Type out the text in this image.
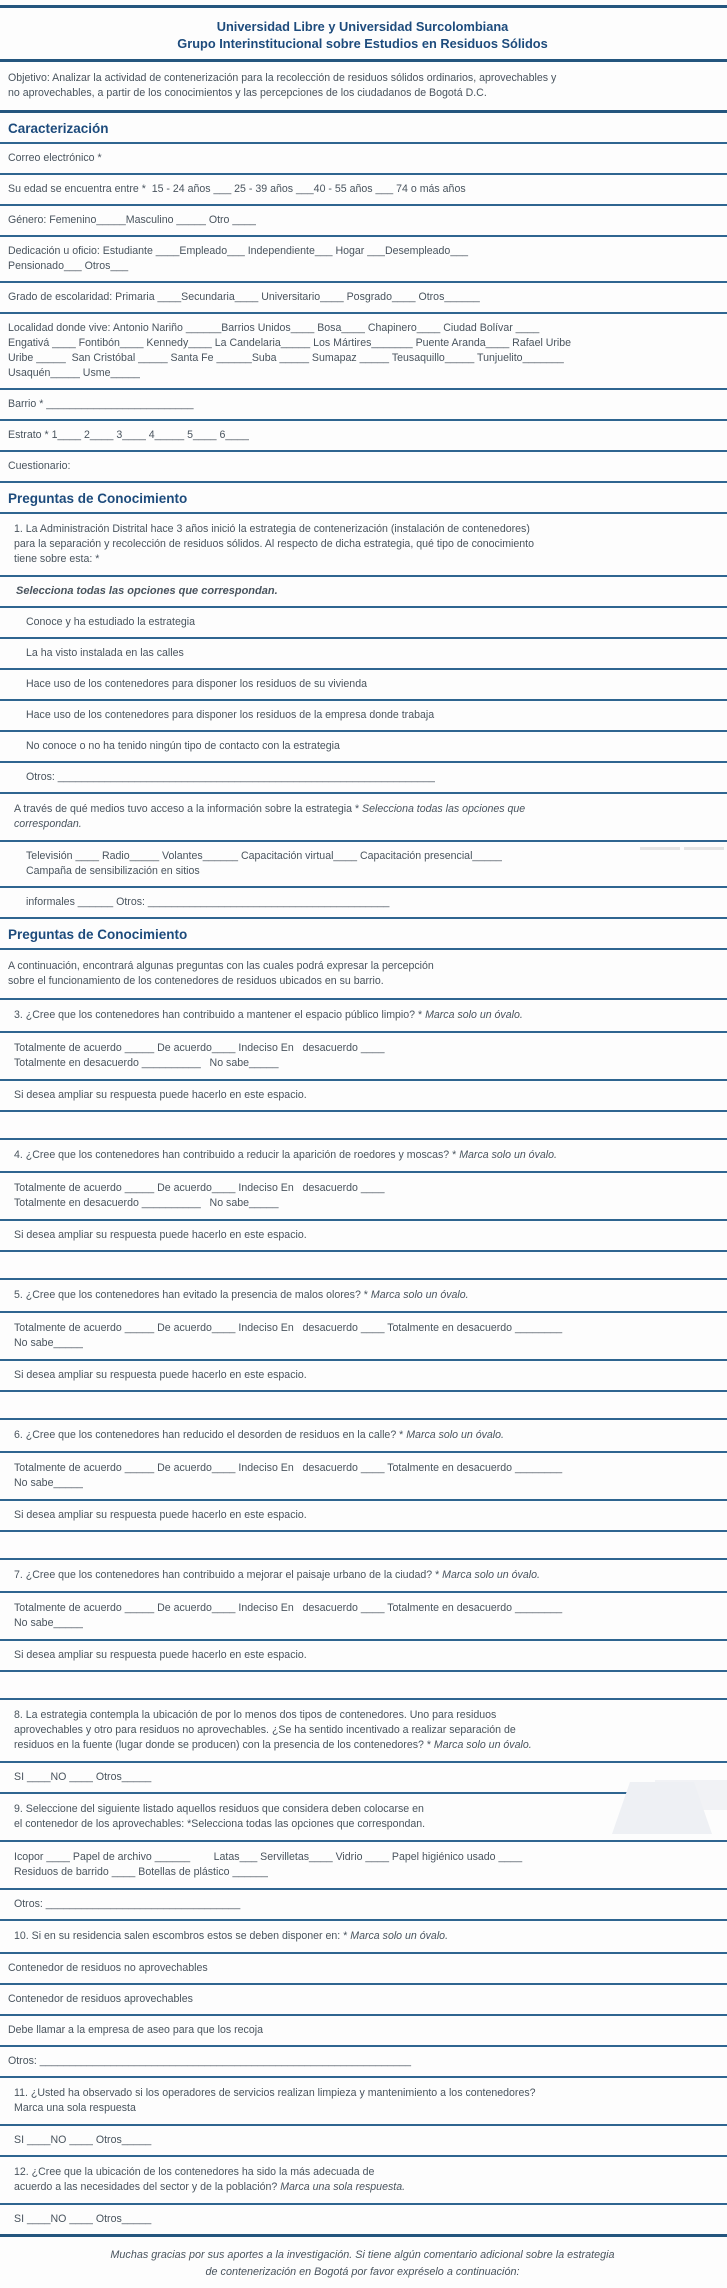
Universidad Libre y Universidad Surcolombiana
Grupo Interinstitucional sobre Estudios en Residuos Sólidos
Objetivo: Analizar la actividad de contenerización para la recolección de residuos sólidos ordinarios, aprovechables y
no aprovechables, a partir de los conocimientos y las percepciones de los ciudadanos de Bogotá D.C.
Caracterización
Correo electrónico *
Su edad se encuentra entre *  15 - 24 años ___ 25 - 39 años ___40 - 55 años ___ 74 o más años
Género: Femenino_____Masculino _____ Otro ____
Dedicación u oficio: Estudiante ____Empleado___ Independiente___ Hogar ___Desempleado___
Pensionado___ Otros___
Grado de escolaridad: Primaria ____Secundaria____ Universitario____ Posgrado____ Otros______
Localidad donde vive: Antonio Nariño ______Barrios Unidos____ Bosa____ Chapinero____ Ciudad Bolívar ____
Engativá ____ Fontibón____ Kennedy____ La Candelaria_____ Los Mártires_______ Puente Aranda____ Rafael Uribe
Uribe _____  San Cristóbal _____ Santa Fe ______Suba _____ Sumapaz _____ Teusaquillo_____ Tunjuelito_______
Usaquén_____ Usme_____
Barrio * _________________________
Estrato * 1____ 2____ 3____ 4_____ 5____ 6____
Cuestionario:
Preguntas de Conocimiento
1. La Administración Distrital hace 3 años inició la estrategia de contenerización (instalación de contenedores)
para la separación y recolección de residuos sólidos. Al respecto de dicha estrategia, qué tipo de conocimiento
tiene sobre esta: *
Selecciona todas las opciones que correspondan.
Conoce y ha estudiado la estrategia
La ha visto instalada en las calles
Hace uso de los contenedores para disponer los residuos de su vivienda
Hace uso de los contenedores para disponer los residuos de la empresa donde trabaja
No conoce o no ha tenido ningún tipo de contacto con la estrategia
Otros: ________________________________________________________________
A través de qué medios tuvo acceso a la información sobre la estrategia * Selecciona todas las opciones que
correspondan.
Televisión ____ Radio_____ Volantes______ Capacitación virtual____ Capacitación presencial_____
Campaña de sensibilización en sitios
informales ______ Otros: _________________________________________
Preguntas de Conocimiento
A continuación, encontrará algunas preguntas con las cuales podrá expresar la percepción
sobre el funcionamiento de los contenedores de residuos ubicados en su barrio.
3. ¿Cree que los contenedores han contribuido a mantener el espacio público limpio? * Marca solo un óvalo.
Totalmente de acuerdo _____ De acuerdo____ Indeciso En   desacuerdo ____
Totalmente en desacuerdo __________   No sabe_____
Si desea ampliar su respuesta puede hacerlo en este espacio.
4. ¿Cree que los contenedores han contribuido a reducir la aparición de roedores y moscas? * Marca solo un óvalo.
Totalmente de acuerdo _____ De acuerdo____ Indeciso En   desacuerdo ____
Totalmente en desacuerdo __________   No sabe_____
Si desea ampliar su respuesta puede hacerlo en este espacio.
5. ¿Cree que los contenedores han evitado la presencia de malos olores? * Marca solo un óvalo.
Totalmente de acuerdo _____ De acuerdo____ Indeciso En   desacuerdo ____ Totalmente en desacuerdo ________
No sabe_____
Si desea ampliar su respuesta puede hacerlo en este espacio.
6. ¿Cree que los contenedores han reducido el desorden de residuos en la calle? * Marca solo un óvalo.
Totalmente de acuerdo _____ De acuerdo____ Indeciso En   desacuerdo ____ Totalmente en desacuerdo ________
No sabe_____
Si desea ampliar su respuesta puede hacerlo en este espacio.
7. ¿Cree que los contenedores han contribuido a mejorar el paisaje urbano de la ciudad? * Marca solo un óvalo.
Totalmente de acuerdo _____ De acuerdo____ Indeciso En   desacuerdo ____ Totalmente en desacuerdo ________
No sabe_____
Si desea ampliar su respuesta puede hacerlo en este espacio.
8. La estrategia contempla la ubicación de por lo menos dos tipos de contenedores. Uno para residuos
aprovechables y otro para residuos no aprovechables. ¿Se ha sentido incentivado a realizar separación de
residuos en la fuente (lugar donde se producen) con la presencia de los contenedores? * Marca solo un óvalo.
SI ____NO ____ Otros_____
9. Seleccione del siguiente listado aquellos residuos que considera deben colocarse en
el contenedor de los aprovechables: *Selecciona todas las opciones que correspondan.
Icopor ____ Papel de archivo ______        Latas___ Servilletas____ Vidrio ____ Papel higiénico usado ____
Residuos de barrido ____ Botellas de plástico ______
Otros: _________________________________
10. Si en su residencia salen escombros estos se deben disponer en: * Marca solo un óvalo.
Contenedor de residuos no aprovechables
Contenedor de residuos aprovechables
Debe llamar a la empresa de aseo para que los recoja
Otros: _______________________________________________________________
11. ¿Usted ha observado si los operadores de servicios realizan limpieza y mantenimiento a los contenedores?
Marca una sola respuesta
SI ____NO ____ Otros_____
12. ¿Cree que la ubicación de los contenedores ha sido la más adecuada de
acuerdo a las necesidades del sector y de la población? Marca una sola respuesta.
SI ____NO ____ Otros_____
Muchas gracias por sus aportes a la investigación. Si tiene algún comentario adicional sobre la estrategia
de contenerización en Bogotá por favor expréselo a continuación:
